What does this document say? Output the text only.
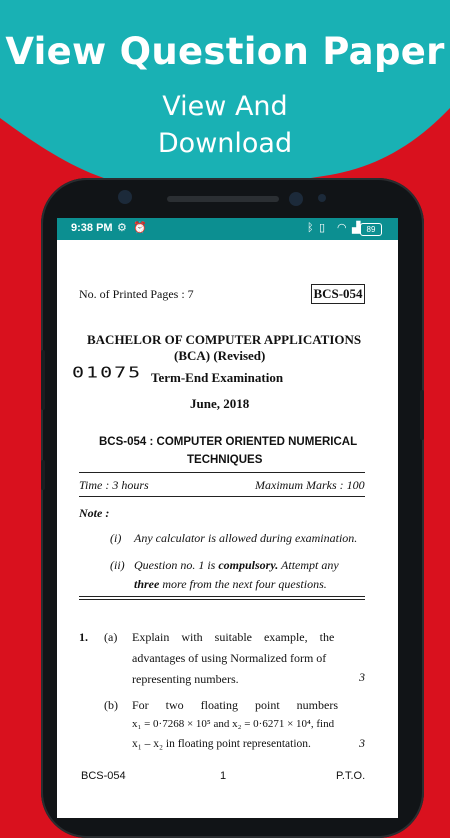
View Question Paper
View And
Download
9:38 PM ⚙ ⏰	ᛒ ▯ ◠ ▟ 89
No. of Printed Pages : 7	BCS-054
BACHELOR OF COMPUTER APPLICATIONS
(BCA) (Revised)
01075 Term-End Examination
June, 2018
BCS-054 : COMPUTER ORIENTED NUMERICAL
TECHNIQUES
Time : 3 hours	Maximum Marks : 100
Note :
(i) Any calculator is allowed during examination.
(ii) Question no. 1 is compulsory. Attempt any
three more from the next four questions.
1. (a) Explain with suitable example, the
advantages of using Normalized form of
representing numbers.	3
(b) For two floating point numbers
x₁ = 0·7268 × 10⁵ and x₂ = 0·6271 × 10⁴, find
x₁ – x₂ in floating point representation.	3
BCS-054	1	P.T.O.
